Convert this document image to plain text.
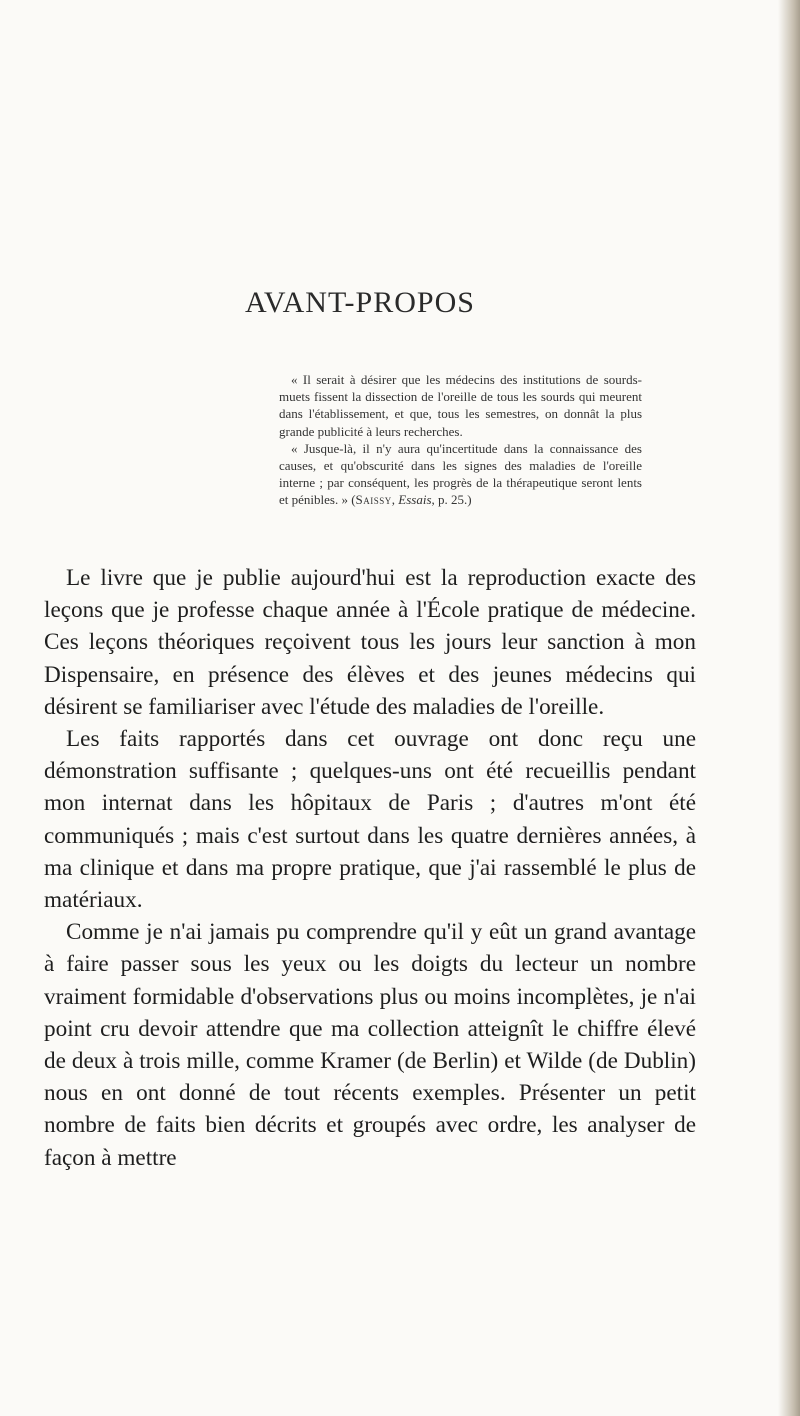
AVANT-PROPOS

« Il serait à désirer que les médecins des institutions de sourds-muets fissent la dissection de l'oreille de tous les sourds qui meurent dans l'établissement, et que, tous les semestres, on donnât la plus grande publicité à leurs recherches.

« Jusque-là, il n'y aura qu'incertitude dans la connaissance des causes, et qu'obscurité dans les signes des maladies de l'oreille interne ; par conséquent, les progrès de la thérapeutique seront lents et pénibles. » (Saissy, Essais, p. 25.)

Le livre que je publie aujourd'hui est la reproduction exacte des leçons que je professe chaque année à l'École pratique de médecine. Ces leçons théoriques reçoivent tous les jours leur sanction à mon Dispensaire, en présence des élèves et des jeunes médecins qui désirent se familiariser avec l'étude des maladies de l'oreille.

Les faits rapportés dans cet ouvrage ont donc reçu une démonstration suffisante ; quelques-uns ont été recueillis pendant mon internat dans les hôpitaux de Paris ; d'autres m'ont été communiqués ; mais c'est surtout dans les quatre dernières années, à ma clinique et dans ma propre pratique, que j'ai rassemblé le plus de matériaux.

Comme je n'ai jamais pu comprendre qu'il y eût un grand avantage à faire passer sous les yeux ou les doigts du lecteur un nombre vraiment formidable d'observations plus ou moins incomplètes, je n'ai point cru devoir attendre que ma collection atteignît le chiffre élevé de deux à trois mille, comme Kramer (de Berlin) et Wilde (de Dublin) nous en ont donné de tout récents exemples. Présenter un petit nombre de faits bien décrits et groupés avec ordre, les analyser de façon à mettre
